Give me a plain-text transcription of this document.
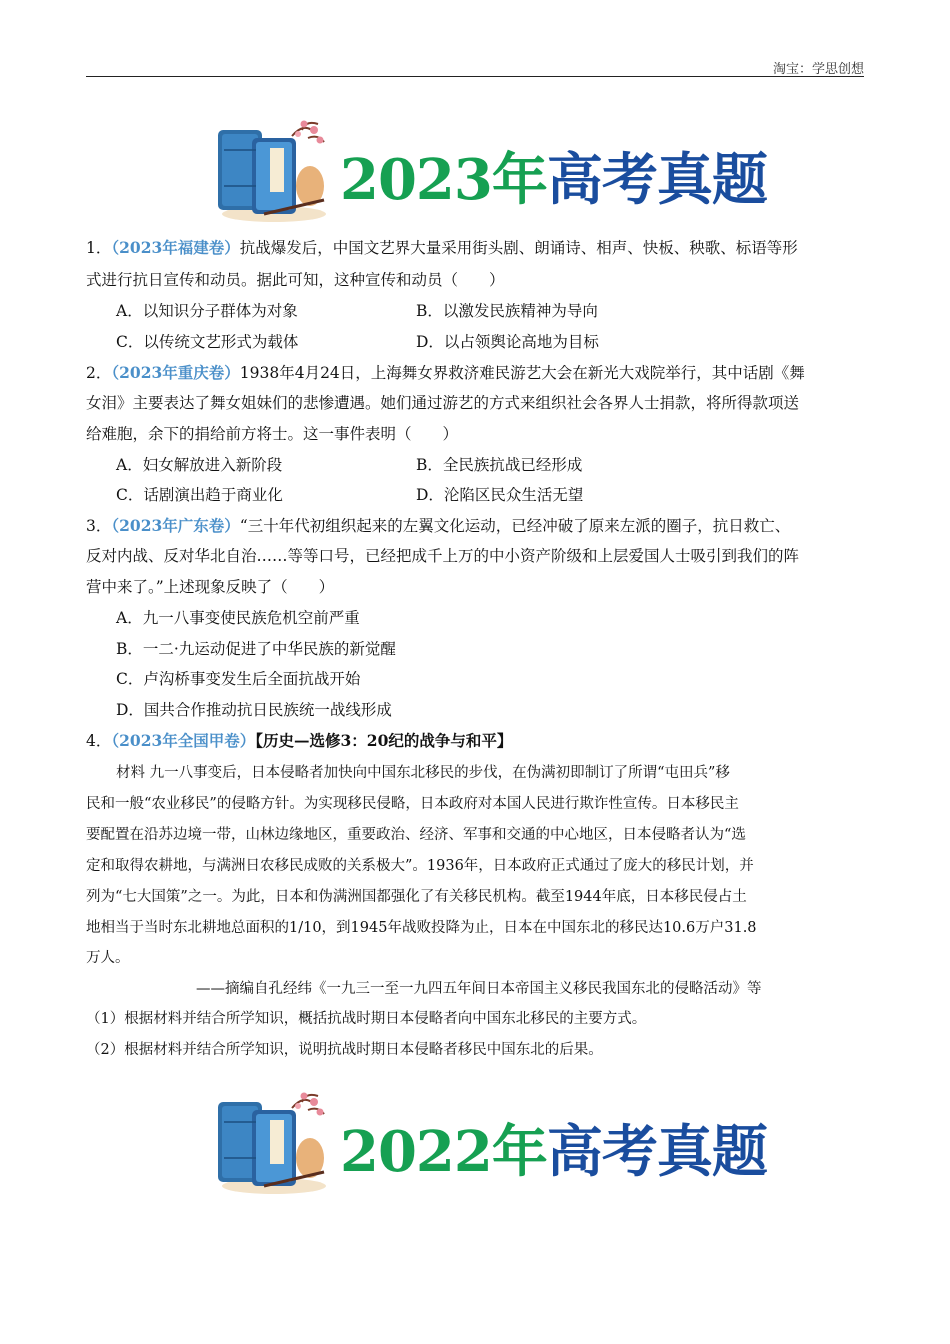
淘宝：学思创想
2023年高考真题
1．（2023年福建卷）抗战爆发后，中国文艺界大量采用街头剧、朗诵诗、相声、快板、秧歌、标语等形
式进行抗日宣传和动员。据此可知，这种宣传和动员（　　）
A．以知识分子群体为对象	B．以激发民族精神为导向
C．以传统文艺形式为载体	D．以占领舆论高地为目标
2．（2023年重庆卷）1938年4月24日，上海舞女界救济难民游艺大会在新光大戏院举行，其中话剧《舞
女泪》主要表达了舞女姐妹们的悲惨遭遇。她们通过游艺的方式来组织社会各界人士捐款，将所得款项送
给难胞，余下的捐给前方将士。这一事件表明（　　）
A．妇女解放进入新阶段	B．全民族抗战已经形成
C．话剧演出趋于商业化	D．沦陷区民众生活无望
3．（2023年广东卷）“三十年代初组织起来的左翼文化运动，已经冲破了原来左派的圈子，抗日救亡、
反对内战、反对华北自治……等等口号，已经把成千上万的中小资产阶级和上层爱国人士吸引到我们的阵
营中来了。”上述现象反映了（　　）
A．九一八事变使民族危机空前严重
B．一二·九运动促进了中华民族的新觉醒
C．卢沟桥事变发生后全面抗战开始
D．国共合作推动抗日民族统一战线形成
4．（2023年全国甲卷）【历史—选修3：20纪的战争与和平】
材料 九一八事变后，日本侵略者加快向中国东北移民的步伐，在伪满初即制订了所谓“屯田兵”移
民和一般“农业移民”的侵略方针。为实现移民侵略，日本政府对本国人民进行欺诈性宣传。日本移民主
要配置在沿苏边境一带，山林边缘地区，重要政治、经济、军事和交通的中心地区，日本侵略者认为“选
定和取得农耕地，与满洲日农移民成败的关系极大”。1936年，日本政府正式通过了庞大的移民计划，并
列为“七大国策”之一。为此，日本和伪满洲国都强化了有关移民机构。截至1944年底，日本移民侵占土
地相当于当时东北耕地总面积的1/10，到1945年战败投降为止，日本在中国东北的移民达10.6万户31.8
万人。
——摘编自孔经纬《一九三一至一九四五年间日本帝国主义移民我国东北的侵略活动》等
（1）根据材料并结合所学知识，概括抗战时期日本侵略者向中国东北移民的主要方式。
（2）根据材料并结合所学知识，说明抗战时期日本侵略者移民中国东北的后果。
2022年高考真题
